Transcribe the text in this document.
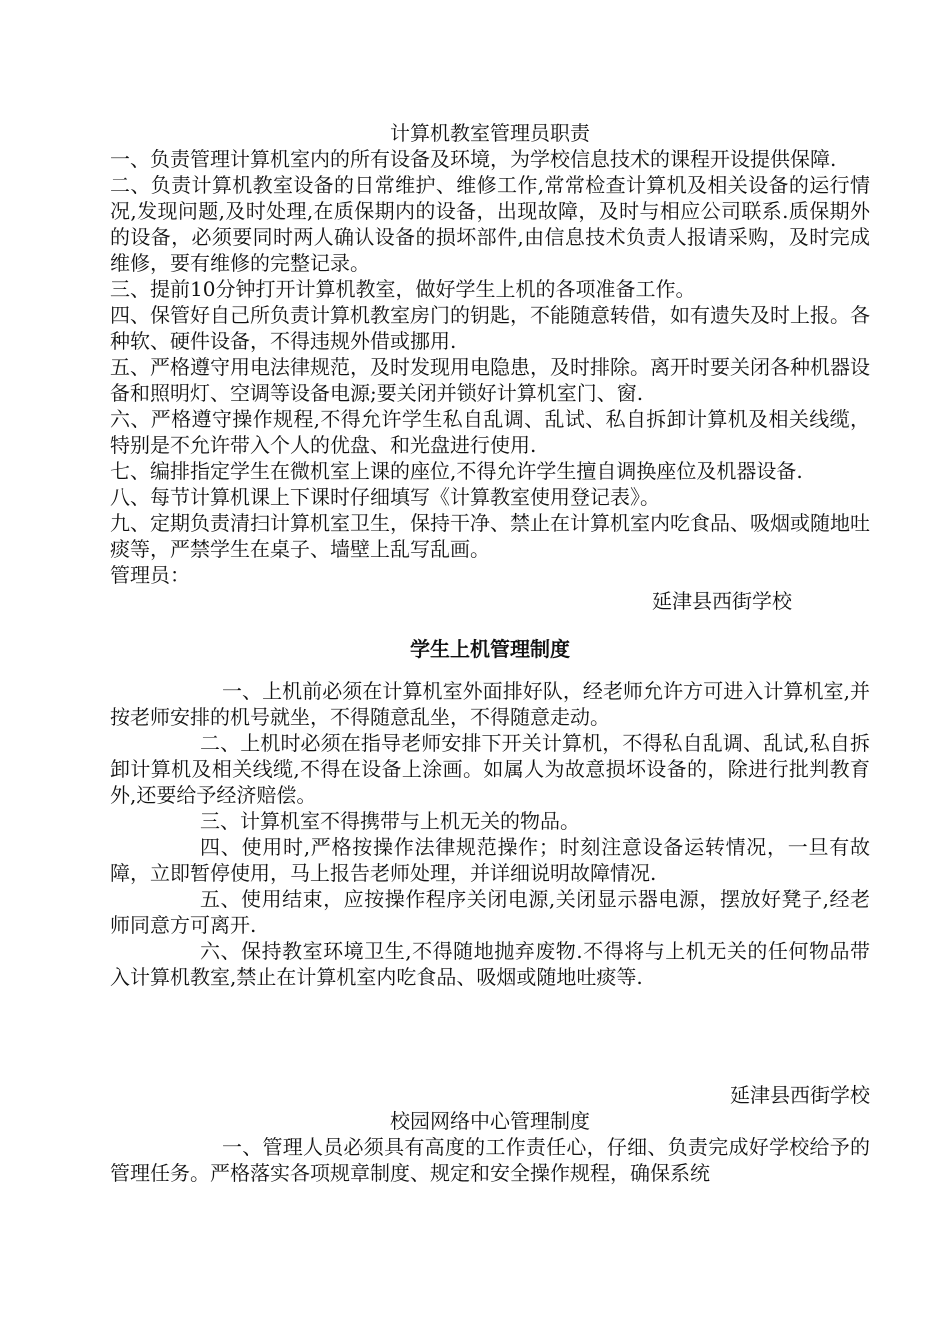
计算机教室管理员职责

一、负责管理计算机室内的所有设备及环境，为学校信息技术的课程开设提供保障.

二、负责计算机教室设备的日常维护、维修工作,常常检查计算机及相关设备的运行情况,发现问题,及时处理,在质保期内的设备，出现故障，及时与相应公司联系.质保期外的设备，必须要同时两人确认设备的损坏部件,由信息技术负责人报请采购，及时完成维修，要有维修的完整记录。

三、提前10分钟打开计算机教室，做好学生上机的各项准备工作。

四、保管好自己所负责计算机教室房门的钥匙，不能随意转借，如有遗失及时上报。各种软、硬件设备，不得违规外借或挪用.

五、严格遵守用电法律规范，及时发现用电隐患，及时排除。离开时要关闭各种机器设备和照明灯、空调等设备电源;要关闭并锁好计算机室门、窗.

六、严格遵守操作规程,不得允许学生私自乱调、乱试、私自拆卸计算机及相关线缆，特别是不允许带入个人的优盘、和光盘进行使用.

七、编排指定学生在微机室上课的座位,不得允许学生擅自调换座位及机器设备.

八、每节计算机课上下课时仔细填写《计算教室使用登记表》。

九、定期负责清扫计算机室卫生，保持干净、禁止在计算机室内吃食品、吸烟或随地吐痰等，严禁学生在桌子、墙壁上乱写乱画。

管理员：

延津县西街学校

学生上机管理制度

一、上机前必须在计算机室外面排好队，经老师允许方可进入计算机室,并按老师安排的机号就坐，不得随意乱坐，不得随意走动。

二、上机时必须在指导老师安排下开关计算机，不得私自乱调、乱试,私自拆卸计算机及相关线缆,不得在设备上涂画。如属人为故意损坏设备的，除进行批判教育外,还要给予经济赔偿。

三、计算机室不得携带与上机无关的物品。

四、使用时,严格按操作法律规范操作；时刻注意设备运转情况，一旦有故障，立即暂停使用，马上报告老师处理，并详细说明故障情况.

五、使用结束，应按操作程序关闭电源,关闭显示器电源，摆放好凳子,经老师同意方可离开.

六、保持教室环境卫生,不得随地抛弃废物.不得将与上机无关的任何物品带入计算机教室,禁止在计算机室内吃食品、吸烟或随地吐痰等.

延津县西街学校

校园网络中心管理制度

一、管理人员必须具有高度的工作责任心，仔细、负责完成好学校给予的管理任务。严格落实各项规章制度、规定和安全操作规程，确保系统
